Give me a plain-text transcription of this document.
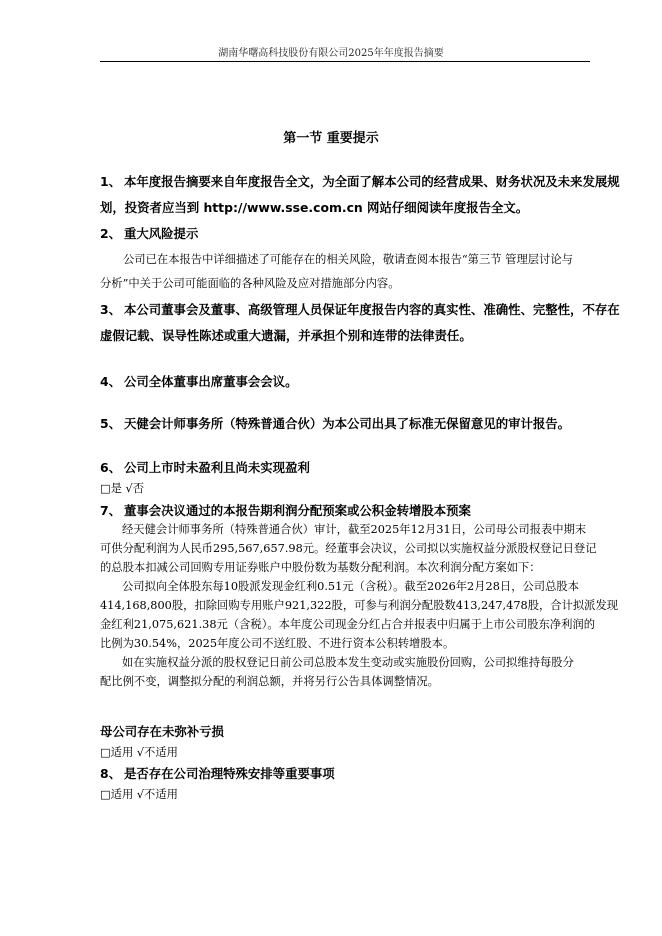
湖南华曙高科技股份有限公司2025年年度报告摘要
第一节 重要提示
1、 本年度报告摘要来自年度报告全文，为全面了解本公司的经营成果、财务状况及未来发展规
划，投资者应当到 http://www.sse.com.cn 网站仔细阅读年度报告全文。
2、 重大风险提示
公司已在本报告中详细描述了可能存在的相关风险，敬请查阅本报告“第三节 管理层讨论与
分析”中关于公司可能面临的各种风险及应对措施部分内容。
3、 本公司董事会及董事、高级管理人员保证年度报告内容的真实性、准确性、完整性，不存在
虚假记载、误导性陈述或重大遗漏，并承担个别和连带的法律责任。
4、 公司全体董事出席董事会会议。
5、 天健会计师事务所（特殊普通合伙）为本公司出具了标准无保留意见的审计报告。
6、 公司上市时未盈利且尚未实现盈利
□是 √否
7、 董事会决议通过的本报告期利润分配预案或公积金转增股本预案
经天健会计师事务所（特殊普通合伙）审计，截至2025年12月31日，公司母公司报表中期末
可供分配利润为人民币295,567,657.98元。经董事会决议，公司拟以实施权益分派股权登记日登记
的总股本扣减公司回购专用证券账户中股份数为基数分配利润。本次利润分配方案如下：
公司拟向全体股东每10股派发现金红利0.51元（含税）。截至2026年2月28日，公司总股本
414,168,800股，扣除回购专用账户921,322股，可参与利润分配股数413,247,478股，合计拟派发现
金红利21,075,621.38元（含税）。本年度公司现金分红占合并报表中归属于上市公司股东净利润的
比例为30.54%，2025年度公司不送红股、不进行资本公积转增股本。
如在实施权益分派的股权登记日前公司总股本发生变动或实施股份回购，公司拟维持每股分
配比例不变，调整拟分配的利润总额，并将另行公告具体调整情况。
母公司存在未弥补亏损
□适用 √不适用
8、 是否存在公司治理特殊安排等重要事项
□适用 √不适用
